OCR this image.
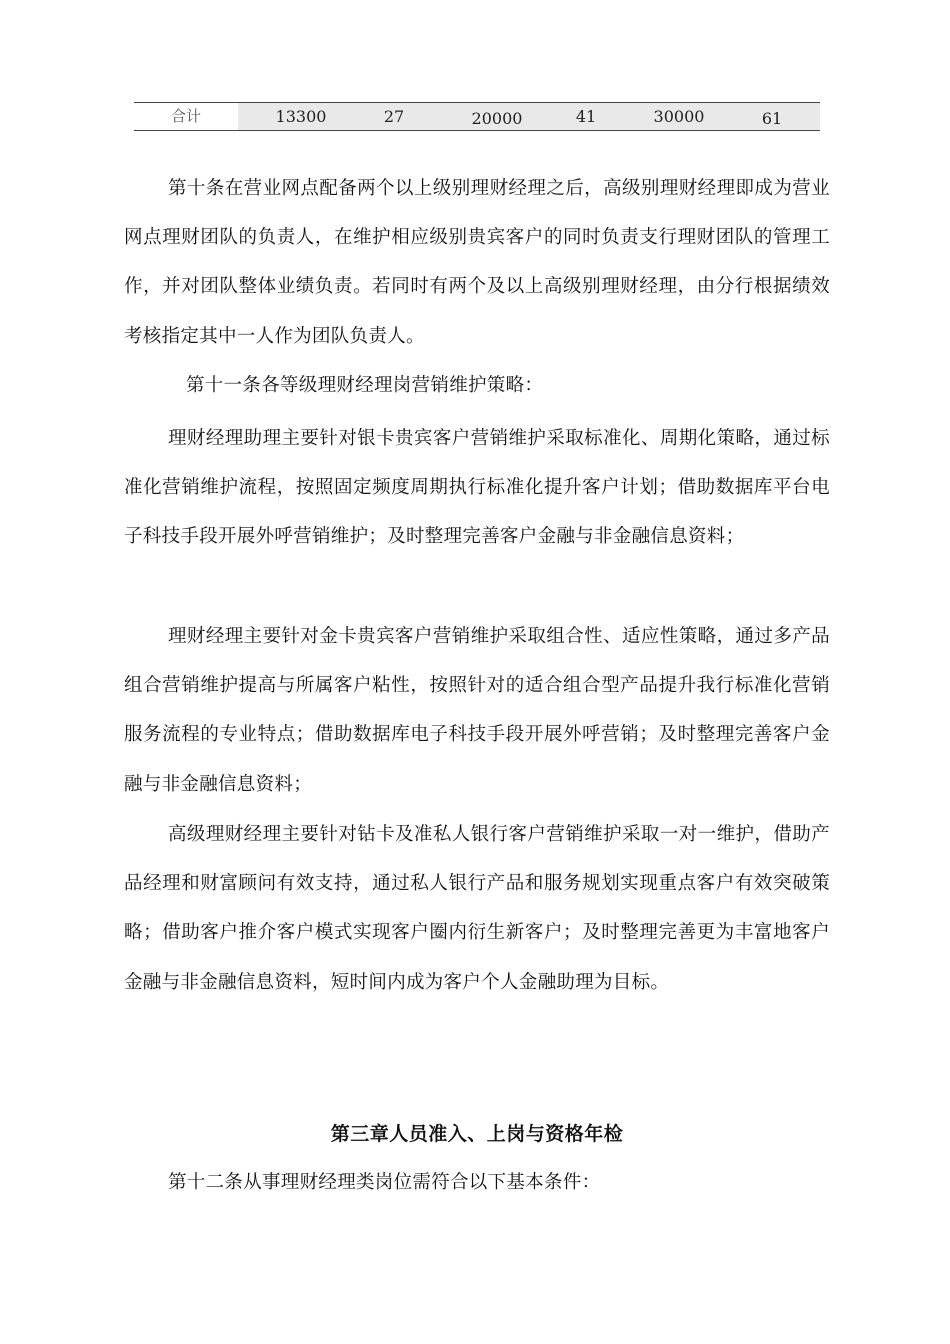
合计	13300	27	20000	41	30000	61

第十条在营业网点配备两个以上级别理财经理之后，高级别理财经理即成为营业网点理财团队的负责人，在维护相应级别贵宾客户的同时负责支行理财团队的管理工作，并对团队整体业绩负责。若同时有两个及以上高级别理财经理，由分行根据绩效考核指定其中一人作为团队负责人。

第十一条各等级理财经理岗营销维护策略：

理财经理助理主要针对银卡贵宾客户营销维护采取标准化、周期化策略，通过标准化营销维护流程，按照固定频度周期执行标准化提升客户计划；借助数据库平台电子科技手段开展外呼营销维护；及时整理完善客户金融与非金融信息资料；

理财经理主要针对金卡贵宾客户营销维护采取组合性、适应性策略，通过多产品组合营销维护提高与所属客户粘性，按照针对的适合组合型产品提升我行标准化营销服务流程的专业特点；借助数据库电子科技手段开展外呼营销；及时整理完善客户金融与非金融信息资料；

高级理财经理主要针对钻卡及准私人银行客户营销维护采取一对一维护，借助产品经理和财富顾问有效支持，通过私人银行产品和服务规划实现重点客户有效突破策略；借助客户推介客户模式实现客户圈内衍生新客户；及时整理完善更为丰富地客户金融与非金融信息资料，短时间内成为客户个人金融助理为目标。

第三章人员准入、上岗与资格年检

第十二条从事理财经理类岗位需符合以下基本条件：
